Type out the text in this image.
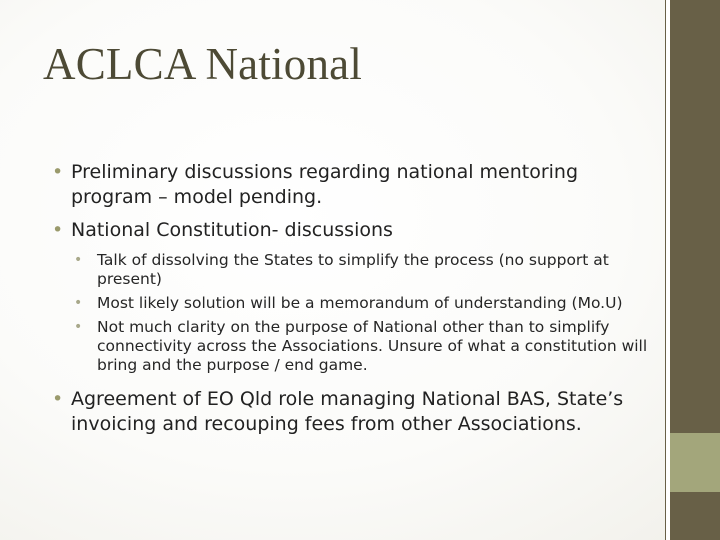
ACLCA National
• Preliminary discussions regarding national mentoring program – model pending.
• National Constitution- discussions
• Talk of dissolving the States to simplify the process (no support at present)
• Most likely solution will be a memorandum of understanding (Mo.U)
• Not much clarity on the purpose of National other than to simplify connectivity across the Associations. Unsure of what a constitution will bring and the purpose / end game.
• Agreement of EO Qld role managing National BAS, State’s invoicing and recouping fees from other Associations.
